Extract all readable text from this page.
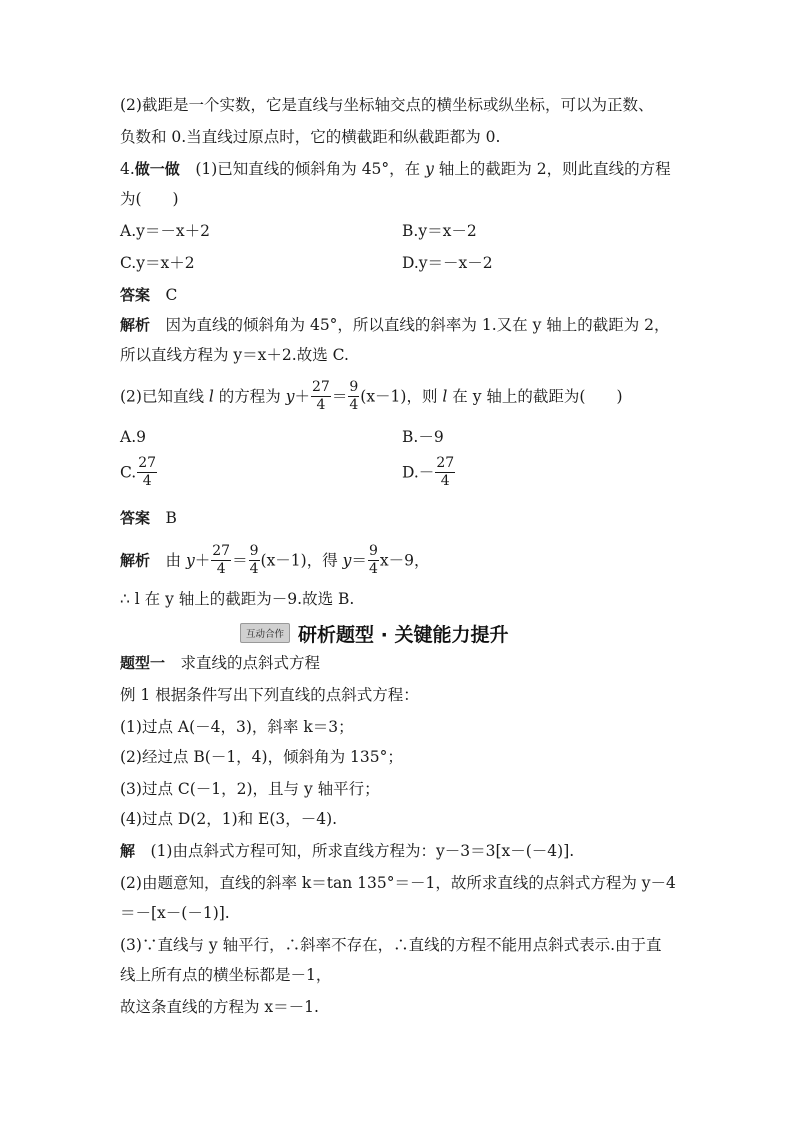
(2)截距是一个实数，它是直线与坐标轴交点的横坐标或纵坐标，可以为正数、
负数和 0.当直线过原点时，它的横截距和纵截距都为 0.
4.做一做　(1)已知直线的倾斜角为 45°，在 y 轴上的截距为 2，则此直线的方程
为(　　)
A.y＝－x＋2	B.y＝x－2
C.y＝x＋2	D.y＝－x－2
答案　 C
解析　 因为直线的倾斜角为 45°，所以直线的斜率为 1.又在 y 轴上的截距为 2，
所以直线方程为 y＝x＋2.故选 C.
(2)已知直线 l 的方程为 $y+ \frac{27}{4} = \frac{9}{4} (x-1)$，则 l 在 y 轴上的截距为(　　)
A.9	B.－9
C. $\frac{27}{4}$	$D.- \frac{27}{4}$
答案　 B
解析　 由 $y+ \frac{27}{4} = \frac{9}{4} (x-1)$，得 $y= \frac{9}{4} x-9$，
∴ l 在 y 轴上的截距为－9.故选 B.
互动合作 研析题型 · 关键能力提升
题型一　求直线的点斜式方程
例 1 根据条件写出下列直线的点斜式方程：
(1)过点 A(－4，3)，斜率 k＝3；
(2)经过点 B(－1，4)，倾斜角为 135°；
(3)过点 C(－1，2)，且与 y 轴平行；
(4)过点 D(2，1)和 E(3，－4).
解　(1)由点斜式方程可知，所求直线方程为：y－3＝3[x－(－4)].
(2)由题意知，直线的斜率 k＝tan 135°＝－1，故所求直线的点斜式方程为 y－4
＝－[x－(－1)].
(3)∵直线与 y 轴平行，∴斜率不存在，∴直线的方程不能用点斜式表示.由于直
线上所有点的横坐标都是－1，
故这条直线的方程为 x＝－1.
